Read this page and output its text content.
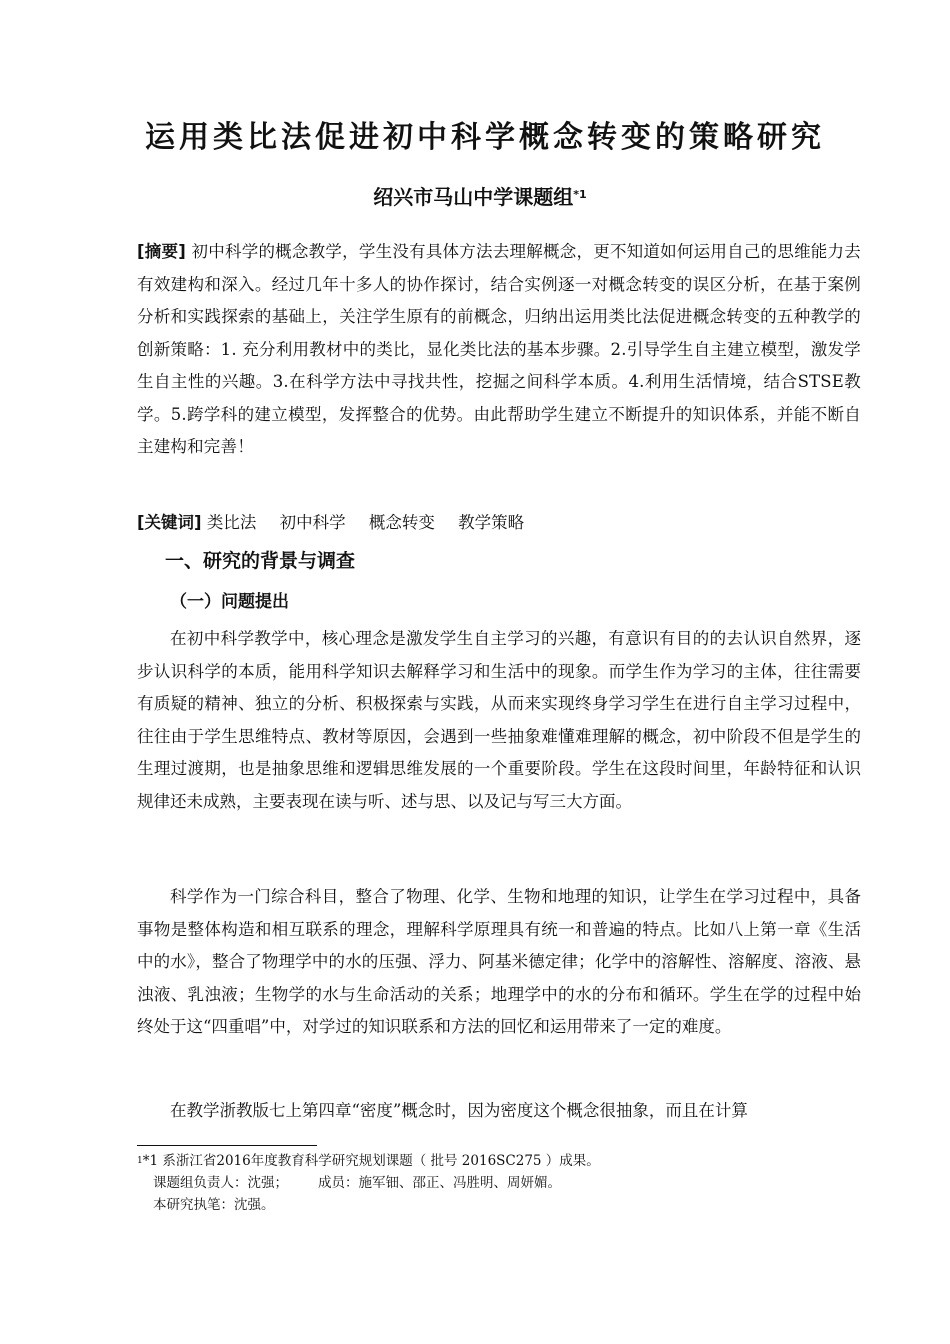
运用类比法促进初中科学概念转变的策略研究
绍兴市马山中学课题组$^{*1}$
[摘要] 初中科学的概念教学，学生没有具体方法去理解概念，更不知道如何运用自己的思维能力去有效建构和深入。经过几年十多人的协作探讨，结合实例逐一对概念转变的误区分析，在基于案例分析和实践探索的基础上，关注学生原有的前概念，归纳出运用类比法促进概念转变的五种教学的创新策略：1. 充分利用教材中的类比，显化类比法的基本步骤。2.引导学生自主建立模型，激发学生自主性的兴趣。3.在科学方法中寻找共性，挖掘之间科学本质。4.利用生活情境，结合STSE教学。5.跨学科的建立模型，发挥整合的优势。由此帮助学生建立不断提升的知识体系，并能不断自主建构和完善！
[关键词] 类比法 初中科学 概念转变 教学策略
一、研究的背景与调查
（一）问题提出
在初中科学教学中，核心理念是激发学生自主学习的兴趣，有意识有目的的去认识自然界，逐步认识科学的本质，能用科学知识去解释学习和生活中的现象。而学生作为学习的主体，往往需要有质疑的精神、独立的分析、积极探索与实践，从而来实现终身学习学生在进行自主学习过程中，往往由于学生思维特点、教材等原因，会遇到一些抽象难懂难理解的概念，初中阶段不但是学生的生理过渡期，也是抽象思维和逻辑思维发展的一个重要阶段。学生在这段时间里，年龄特征和认识规律还未成熟，主要表现在读与听、述与思、以及记与写三大方面。
科学作为一门综合科目，整合了物理、化学、生物和地理的知识，让学生在学习过程中，具备事物是整体构造和相互联系的理念，理解科学原理具有统一和普遍的特点。比如八上第一章《生活中的水》，整合了物理学中的水的压强、浮力、阿基米德定律；化学中的溶解性、溶解度、溶液、悬浊液、乳浊液；生物学的水与生命活动的关系；地理学中的水的分布和循环。学生在学的过程中始终处于这“四重唱”中，对学过的知识联系和方法的回忆和运用带来了一定的难度。
在教学浙教版七上第四章“密度”概念时，因为密度这个概念很抽象，而且在计算
$^1$*1 系浙江省2016年度教育科学研究规划课题（ 批号 2016SC275 ）成果。
课题组负责人：沈强； 成员：施军钿、邵正、冯胜明、周妍媚。
本研究执笔：沈强。
